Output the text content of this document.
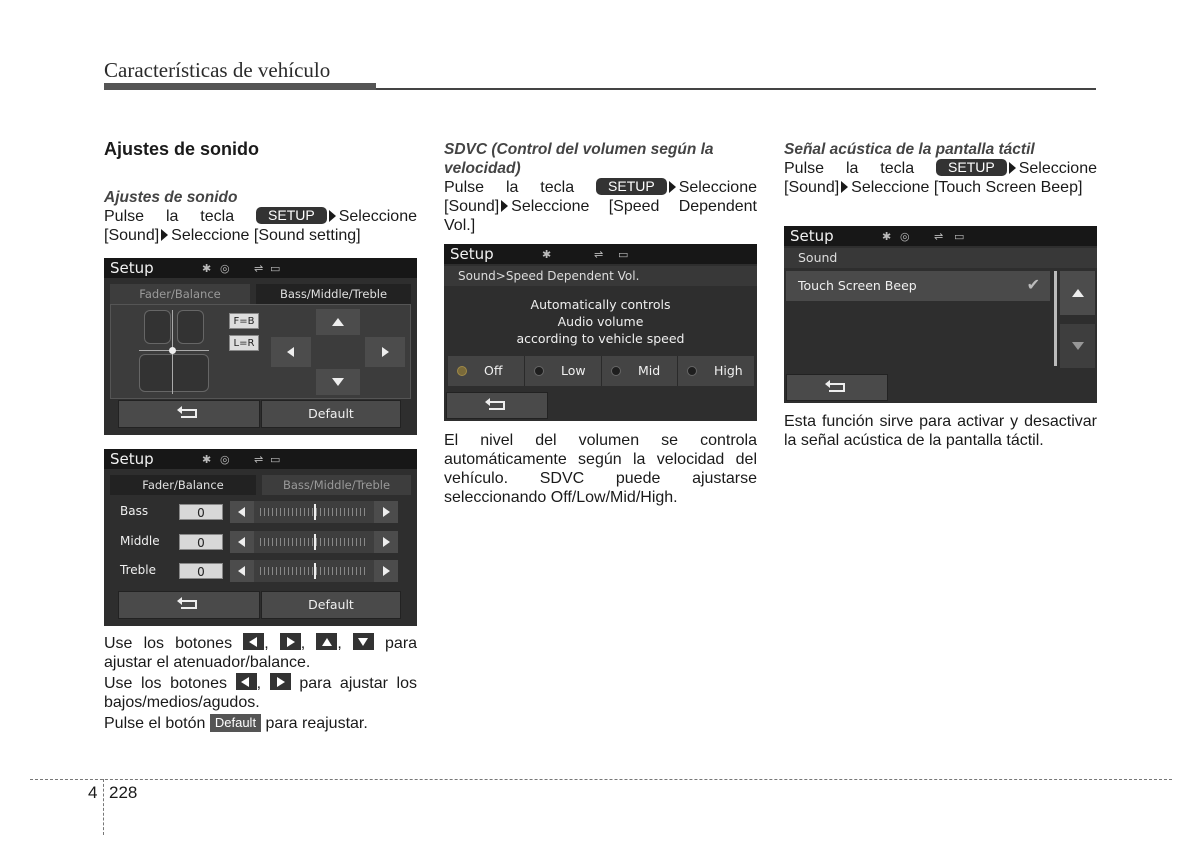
Características de vehículo
Ajustes de sonido
Ajustes de sonido
Pulse la tecla SETUP Seleccione [Sound] Seleccione [Sound setting]
Setup	✱ ◎ ⇌ ▭
Fader/Balance	Bass/Middle/Treble
F=B
L=R
Default
Setup	✱ ◎ ⇌ ▭
Fader/Balance	Bass/Middle/Treble
Bass	0
Middle	0
Treble	0
Default
Use los botones , , ,  para ajustar el atenuador/balance.
Use los botones ,  para ajustar los bajos/medios/agudos.
Pulse el botón Default para reajustar.
SDVC (Control del volumen según la velocidad)
Pulse la tecla SETUP Seleccione [Sound] Seleccione [Speed Dependent Vol.]
Setup	✱	⇌ ▭
Sound>Speed Dependent Vol.
Automatically controls
Audio volume
according to vehicle speed
Off	Low	Mid	High
El nivel del volumen se controla automáticamente según la velocidad del vehículo. SDVC puede ajustarse seleccionando Off/Low/Mid/High.
Señal acústica de la pantalla táctil
Pulse la tecla SETUP Seleccione [Sound] Seleccione [Touch Screen Beep]
Setup	✱ ◎ ⇌ ▭
Sound
Touch Screen Beep	✔
Esta función sirve para activar y desactivar la señal acústica de la pantalla táctil.
4 228
